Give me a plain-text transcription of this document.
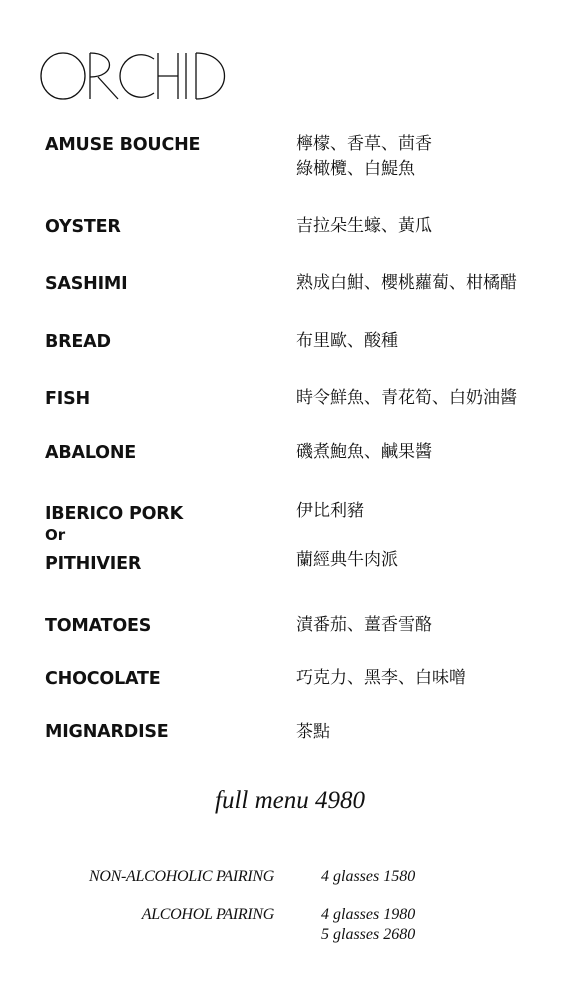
AMUSE BOUCHE	檸檬、香草、茴香
綠橄欖、白鯷魚
OYSTER	吉拉朵生蠔、黃瓜
SASHIMI	熟成白魽、櫻桃蘿蔔、柑橘醋
BREAD	布里歐、酸種
FISH	時令鮮魚、青花筍、白奶油醬
ABALONE	磯煮鮑魚、鹹果醬
IBERICO PORK	伊比利豬
Or
PITHIVIER	蘭經典牛肉派
TOMATOES	漬番茄、薑香雪酪
CHOCOLATE	巧克力、黑李、白味噌
MIGNARDISE	茶點
full menu 4980
NON-ALCOHOLIC PAIRING	4 glasses 1580
ALCOHOL PAIRING	4 glasses 1980
5 glasses 2680
